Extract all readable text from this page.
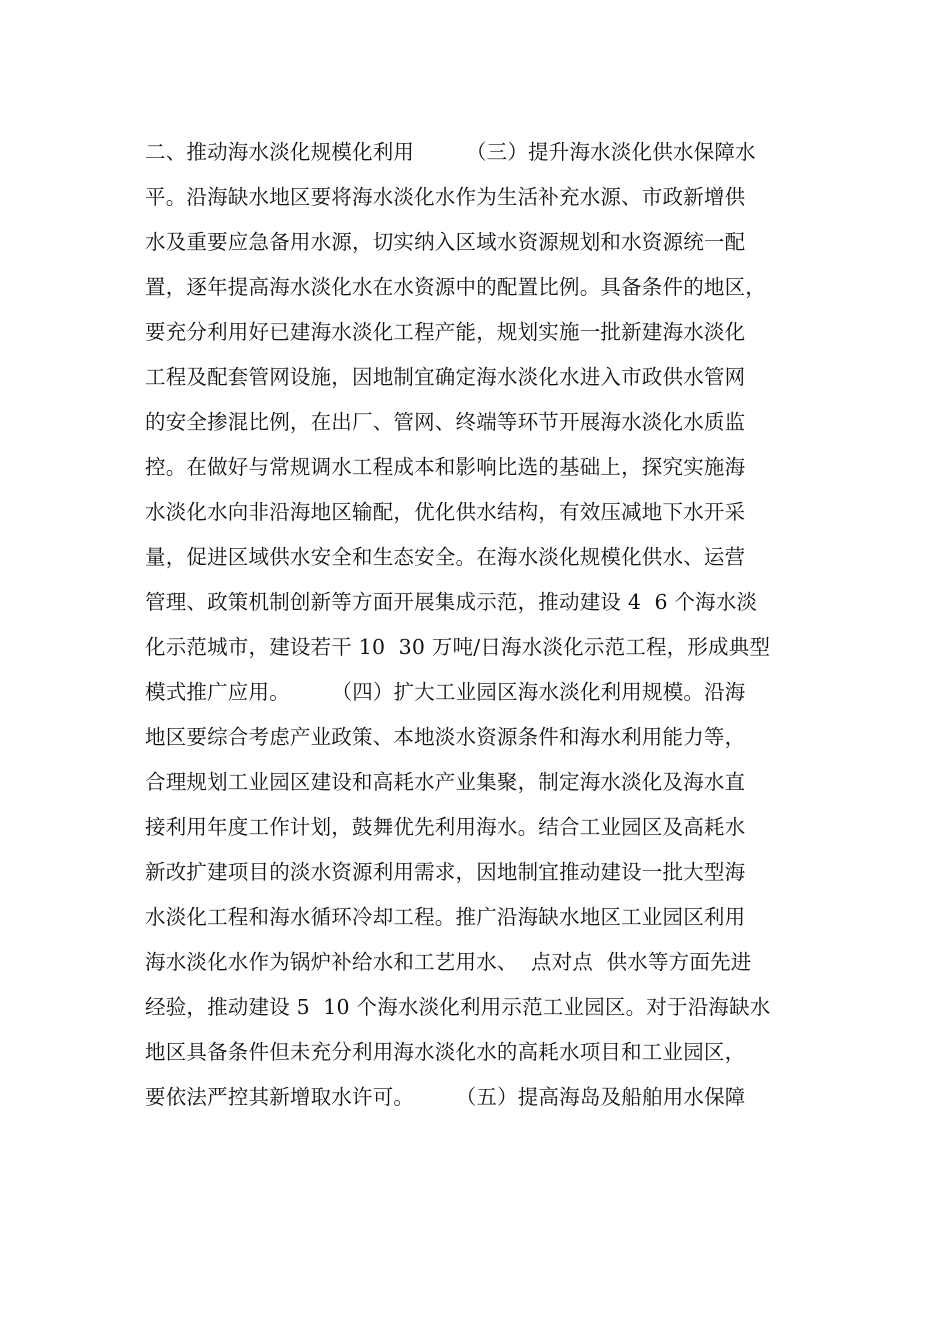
二、推动海水淡化规模化利用　　　（三）提升海水淡化供水保障水
平。沿海缺水地区要将海水淡化水作为生活补充水源、市政新增供
水及重要应急备用水源，切实纳入区域水资源规划和水资源统一配
置，逐年提高海水淡化水在水资源中的配置比例。具备条件的地区，
要充分利用好已建海水淡化工程产能，规划实施一批新建海水淡化
工程及配套管网设施，因地制宜确定海水淡化水进入市政供水管网
的安全掺混比例，在出厂、管网、终端等环节开展海水淡化水质监
控。在做好与常规调水工程成本和影响比选的基础上，探究实施海
水淡化水向非沿海地区输配，优化供水结构，有效压减地下水开采
量，促进区域供水安全和生态安全。在海水淡化规模化供水、运营
管理、政策机制创新等方面开展集成示范，推动建设 4  6 个海水淡
化示范城市，建设若干 10  30 万吨/日海水淡化示范工程，形成典型
模式推广应用。　　　（四）扩大工业园区海水淡化利用规模。沿海
地区要综合考虑产业政策、本地淡水资源条件和海水利用能力等，
合理规划工业园区建设和高耗水产业集聚，制定海水淡化及海水直
接利用年度工作计划，鼓舞优先利用海水。结合工业园区及高耗水
新改扩建项目的淡水资源利用需求，因地制宜推动建设一批大型海
水淡化工程和海水循环冷却工程。推广沿海缺水地区工业园区利用
海水淡化水作为锅炉补给水和工艺用水、  点对点  供水等方面先进
经验，推动建设 5  10 个海水淡化利用示范工业园区。对于沿海缺水
地区具备条件但未充分利用海水淡化水的高耗水项目和工业园区，
要依法严控其新增取水许可。　　　（五）提高海岛及船舶用水保障
